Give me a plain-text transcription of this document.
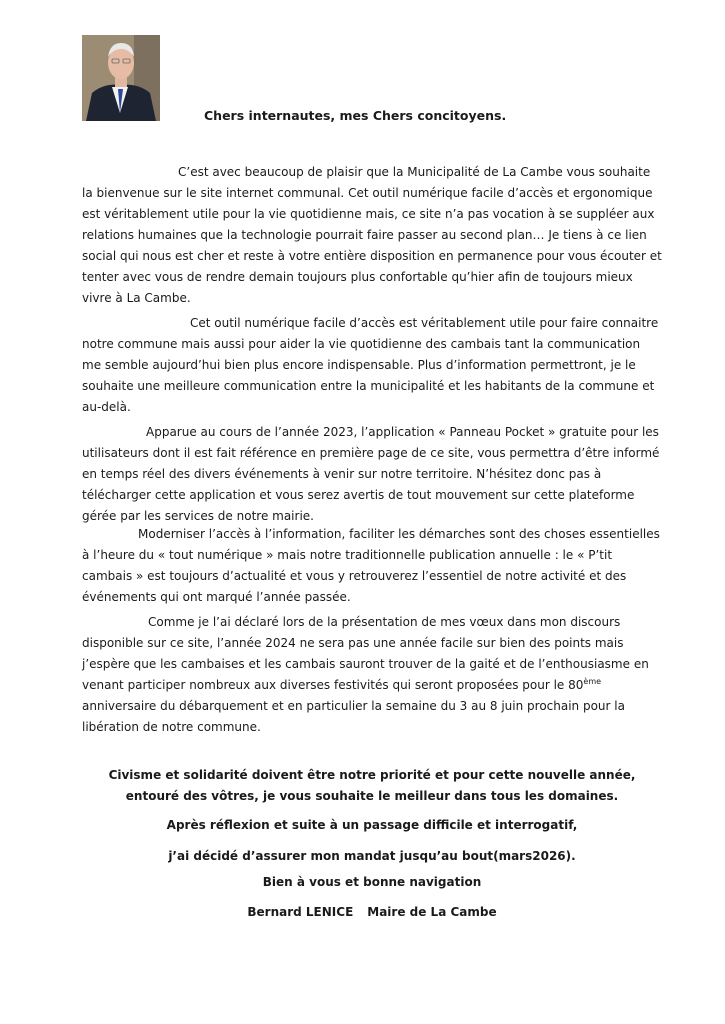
Chers internautes, mes Chers concitoyens.

C’est avec beaucoup de plaisir que la Municipalité de La Cambe vous souhaite la bienvenue sur le site internet communal. Cet outil numérique facile d’accès et ergonomique est véritablement utile pour la vie quotidienne mais, ce site n’a pas vocation à se suppléer aux relations humaines que la technologie pourrait faire passer au second plan… Je tiens à ce lien social qui nous est cher et reste à votre entière disposition en permanence pour vous écouter et tenter avec vous de rendre demain toujours plus confortable qu’hier afin de toujours mieux vivre à La Cambe.

Cet outil numérique facile d’accès est véritablement utile pour faire connaitre notre commune mais aussi pour aider la vie quotidienne des cambais tant la communication me semble aujourd’hui bien plus encore indispensable. Plus d’information permettront, je le souhaite une meilleure communication entre la municipalité et les habitants de la commune et au-delà.

Apparue au cours de l’année 2023, l’application « Panneau Pocket » gratuite pour les utilisateurs dont il est fait référence en première page de ce site, vous permettra d’être informé en temps réel des divers événements à venir sur notre territoire. N’hésitez donc pas à télécharger cette application et vous serez avertis de tout mouvement sur cette plateforme gérée par les services de notre mairie.

Moderniser l’accès à l’information, faciliter les démarches sont des choses essentielles à l’heure du « tout numérique » mais notre traditionnelle publication annuelle : le « P’tit cambais » est toujours d’actualité et vous y retrouverez l’essentiel de notre activité et des événements qui ont marqué l’année passée.

Comme je l’ai déclaré lors de la présentation de mes vœux dans mon discours disponible sur ce site, l’année 2024 ne sera pas une année facile sur bien des points mais j’espère que les cambaises et les cambais sauront trouver de la gaité et de l’enthousiasme en venant participer nombreux aux diverses festivités qui seront proposées pour le 80ème anniversaire du débarquement et en particulier la semaine du 3 au 8 juin prochain pour la libération de notre commune.

Civisme et solidarité doivent être notre priorité et pour cette nouvelle année, entouré des vôtres, je vous souhaite le meilleur dans tous les domaines.

Après réflexion et suite à un passage difficile et interrogatif,

j’ai décidé d’assurer mon mandat jusqu’au bout(mars2026).

Bien à vous et bonne navigation

Bernard LENICE Maire de La Cambe
